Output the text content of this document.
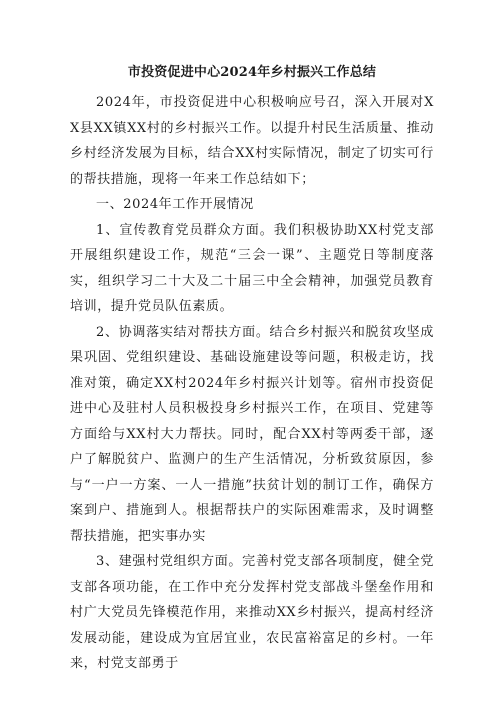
市投资促进中心2024年乡村振兴工作总结

2024年，市投资促进中心积极响应号召，深入开展对XX县XX镇XX村的乡村振兴工作。以提升村民生活质量、推动乡村经济发展为目标，结合XX村实际情况，制定了切实可行的帮扶措施，现将一年来工作总结如下；

一、2024年工作开展情况

1、宣传教育党员群众方面。我们积极协助XX村党支部开展组织建设工作，规范“三会一课”、主题党日等制度落实，组织学习二十大及二十届三中全会精神，加强党员教育培训，提升党员队伍素质。

2、协调落实结对帮扶方面。结合乡村振兴和脱贫攻坚成果巩固、党组织建设、基础设施建设等问题，积极走访，找准对策，确定XX村2024年乡村振兴计划等。宿州市投资促进中心及驻村人员积极投身乡村振兴工作，在项目、党建等方面给与XX村大力帮扶。同时，配合XX村等两委干部，逐户了解脱贫户、监测户的生产生活情况，分析致贫原因，参与“一户一方案、一人一措施”扶贫计划的制订工作，确保方案到户、措施到人。根据帮扶户的实际困难需求，及时调整帮扶措施，把实事办实

3、建强村党组织方面。完善村党支部各项制度，健全党支部各项功能，在工作中充分发挥村党支部战斗堡垒作用和村广大党员先锋模范作用，来推动XX乡村振兴，提高村经济发展动能，建设成为宜居宜业，农民富裕富足的乡村。一年来，村党支部勇于
